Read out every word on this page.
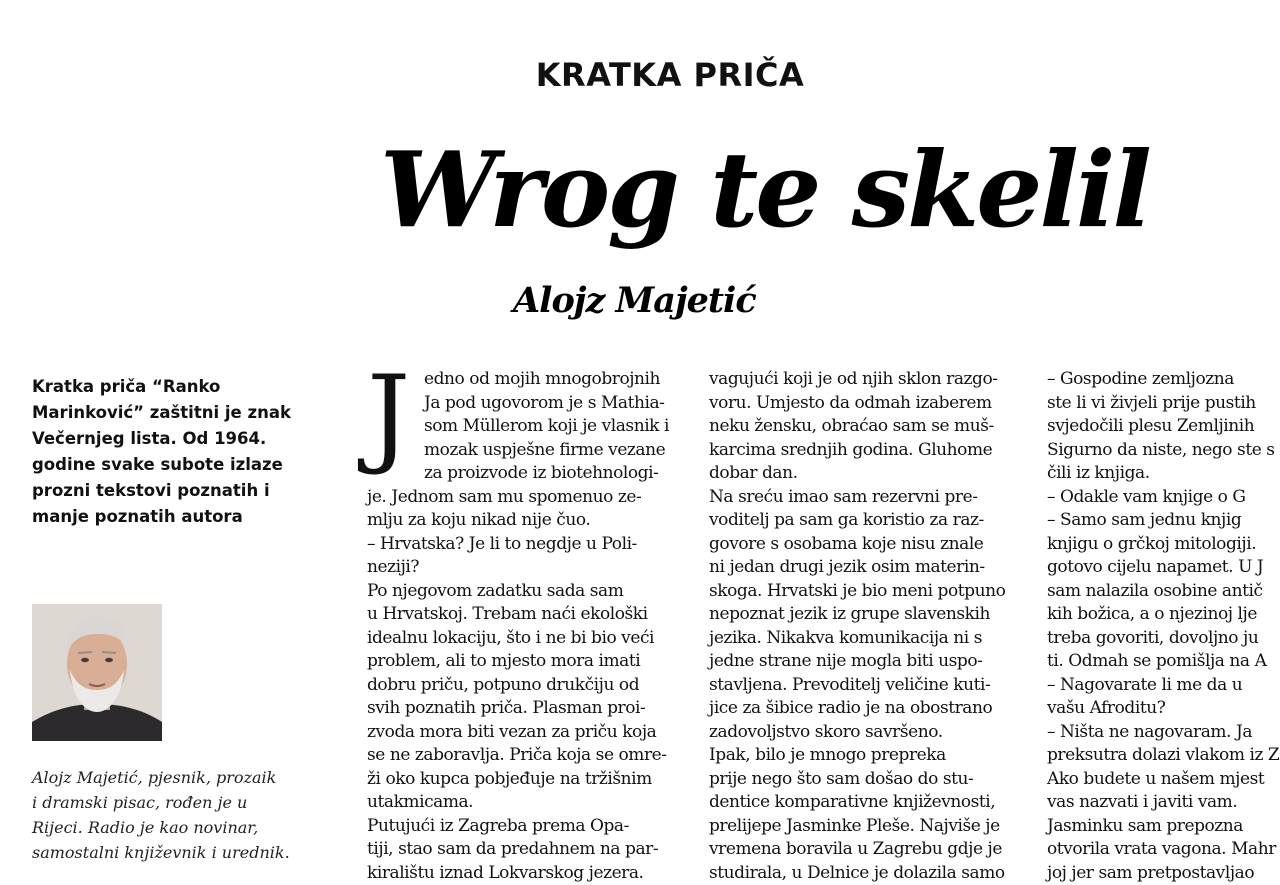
KRATKA PRIČA
Wrog te skelil
Alojz Majetić
Kratka priča “Ranko
Marinković” zaštitni je znak
Večernjeg lista. Od 1964.
godine svake subote izlaze
prozni tekstovi poznatih i
manje poznatih autora
Alojz Majetić, pjesnik, prozaik
i dramski pisac, rođen je u
Rijeci. Radio je kao novinar,
samostalni književnik i urednik.
J edno od mojih mnogobrojnih
Ja pod ugovorom je s Mathia-
som Müllerom koji je vlasnik i
mozak uspješne firme vezane
za proizvode iz biotehnologi-
je. Jednom sam mu spomenuo ze-
mlju za koju nikad nije čuo.
– Hrvatska? Je li to negdje u Poli-
neziji?
Po njegovom zadatku sada sam
u Hrvatskoj. Trebam naći ekološki
idealnu lokaciju, što i ne bi bio veći
problem, ali to mjesto mora imati
dobru priču, potpuno drukčiju od
svih poznatih priča. Plasman proi-
zvoda mora biti vezan za priču koja
se ne zaboravlja. Priča koja se omre-
ži oko kupca pobjeđuje na tržišnim
utakmicama.
Putujući iz Zagreba prema Opa-
tiji, stao sam da predahnem na par-
kiralištu iznad Lokvarskog jezera.
vagujući koji je od njih sklon razgo-
voru. Umjesto da odmah izaberem
neku žensku, obraćao sam se muš-
karcima srednjih godina. Gluhome
dobar dan.
Na sreću imao sam rezervni pre-
voditelj pa sam ga koristio za raz-
govore s osobama koje nisu znale
ni jedan drugi jezik osim materin-
skoga. Hrvatski je bio meni potpuno
nepoznat jezik iz grupe slavenskih
jezika. Nikakva komunikacija ni s
jedne strane nije mogla biti uspo-
stavljena. Prevoditelj veličine kuti-
jice za šibice radio je na obostrano
zadovoljstvo skoro savršeno.
Ipak, bilo je mnogo prepreka
prije nego što sam došao do stu-
dentice komparativne književnosti,
prelijepe Jasminke Pleše. Najviše je
vremena boravila u Zagrebu gdje je
studirala, u Delnice je dolazila samo
– Gospodine zemljozna
ste li vi živjeli prije pustih
svjedočili plesu Zemljinih
Sigurno da niste, nego ste s
čili iz knjiga.
– Odakle vam knjige o G
– Samo sam jednu knjig
knjigu o grčkoj mitologiji.
gotovo cijelu napamet. U J
sam nalazila osobine antič
kih božica, a o njezinoj lje
treba govoriti, dovoljno ju
ti. Odmah se pomišlja na A
– Nagovarate li me da u
vašu Afroditu?
– Ništa ne nagovaram. Ja
preksutra dolazi vlakom iz Z
Ako budete u našem mjest
vas nazvati i javiti vam.
Jasminku sam prepozna
otvorila vrata vagona. Mahr
joj jer sam pretpostavljao
